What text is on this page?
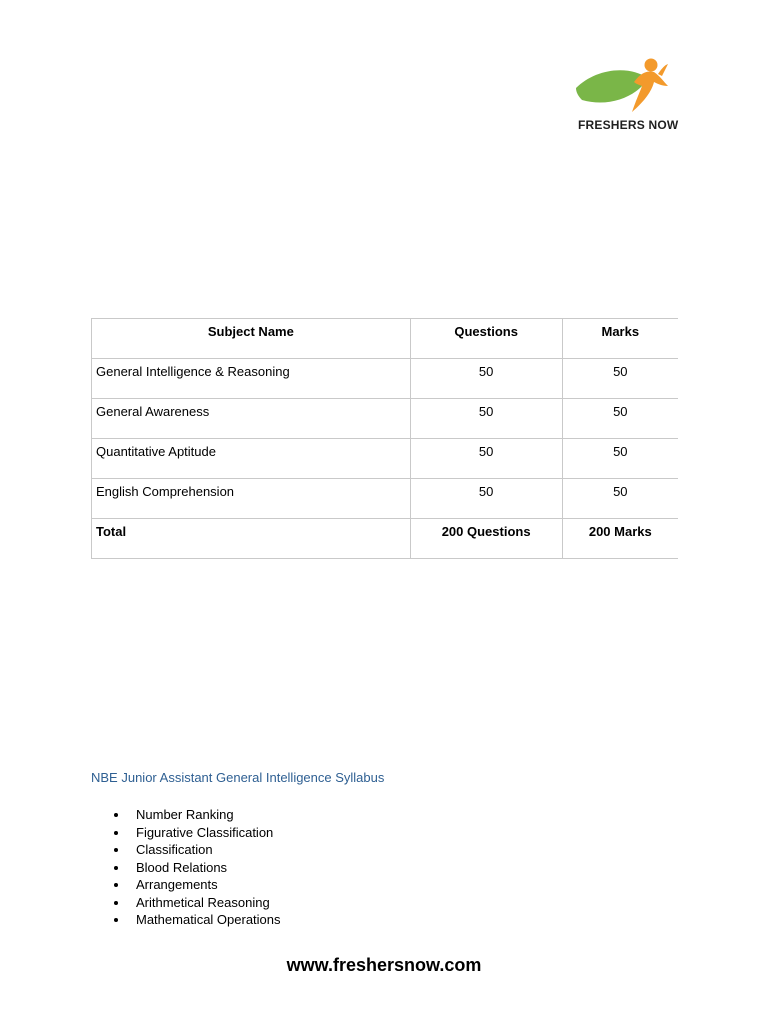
FRESHERS NOW
Subject Name	Questions	Marks
General Intelligence & Reasoning	50	50
General Awareness	50	50
Quantitative Aptitude	50	50
English Comprehension	50	50
Total	200 Questions	200 Marks
NBE Junior Assistant General Intelligence Syllabus
Number Ranking
Figurative Classification
Classification
Blood Relations
Arrangements
Arithmetical Reasoning
Mathematical Operations
www.freshersnow.com
